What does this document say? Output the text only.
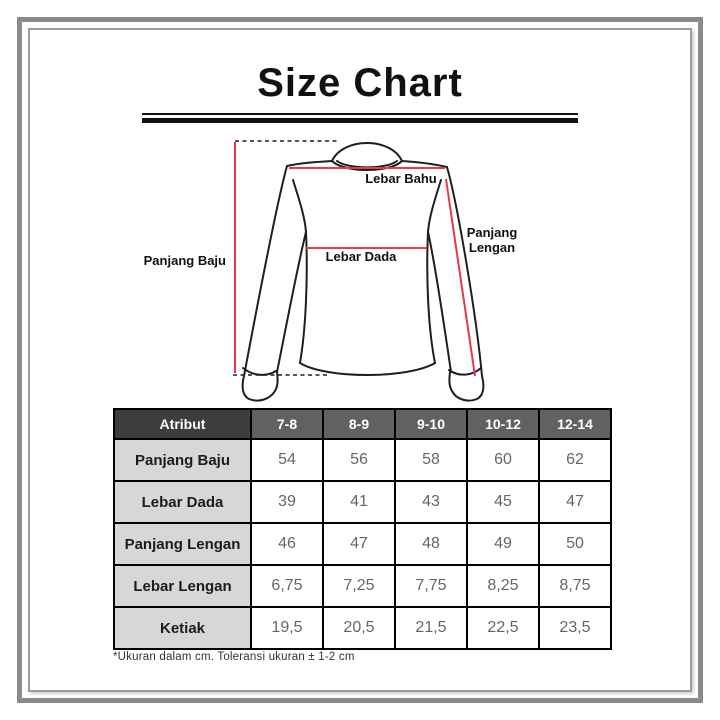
Size Chart
Panjang Baju
Lebar Bahu
Lebar Dada
Panjang
Lengan
Atribut	7-8	8-9	9-10	10-12	12-14
Panjang Baju	54	56	58	60	62
Lebar Dada	39	41	43	45	47
Panjang Lengan	46	47	48	49	50
Lebar Lengan	6,75	7,25	7,75	8,25	8,75
Ketiak	19,5	20,5	21,5	22,5	23,5
*Ukuran dalam cm. Toleransi ukuran ± 1-2 cm
